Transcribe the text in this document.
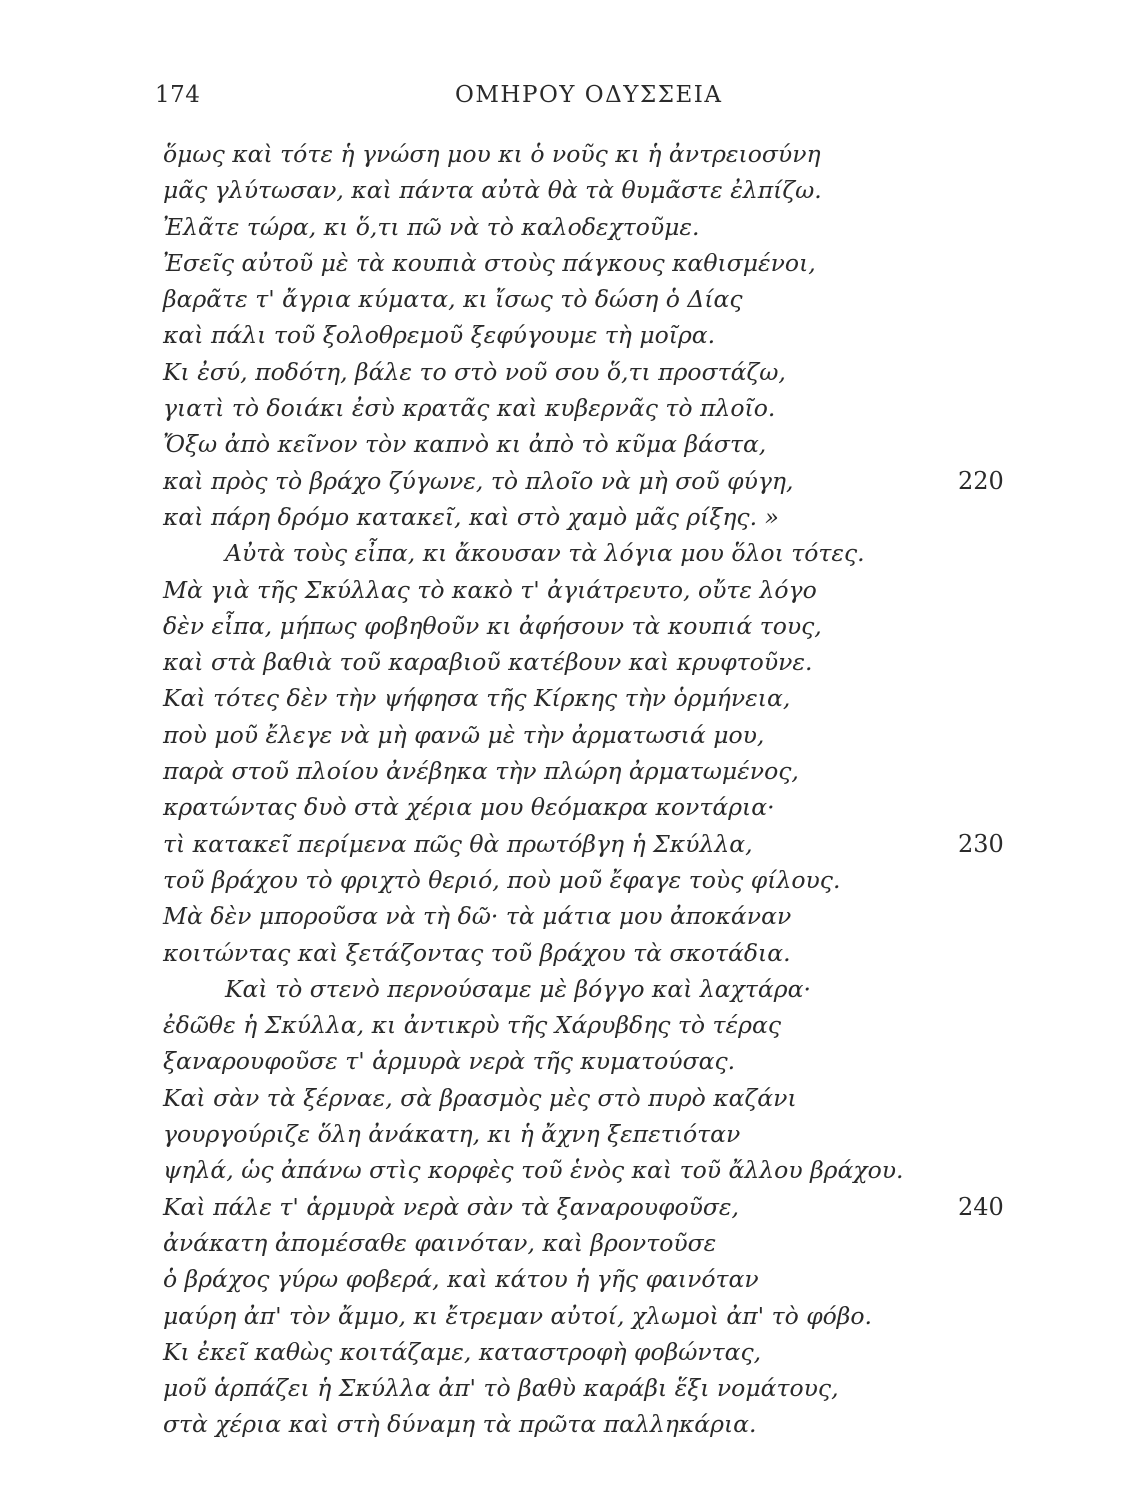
174	ΟΜΗΡΟΥ ΟΔΥΣΣΕΙΑ
ὅμως καὶ τότε ἡ γνώση μου κι ὁ νοῦς κι ἡ ἀντρειοσύνη
μᾶς γλύτωσαν, καὶ πάντα αὐτὰ θὰ τὰ θυμᾶστε ἐλπίζω.
Ἐλᾶτε τώρα, κι ὅ,τι πῶ νὰ τὸ καλοδεχτοῦμε.
Ἐσεῖς αὐτοῦ μὲ τὰ κουπιὰ στοὺς πάγκους καθισμένοι,
βαρᾶτε τ' ἄγρια κύματα, κι ἴσως τὸ δώση ὁ Δίας
καὶ πάλι τοῦ ξολοθρεμοῦ ξεφύγουμε τὴ μοῖρα.
Κι ἐσύ, ποδότη, βάλε το στὸ νοῦ σου ὅ,τι προστάζω,
γιατὶ τὸ δοιάκι ἐσὺ κρατᾶς καὶ κυβερνᾶς τὸ πλοῖο.
Ὄξω ἀπὸ κεῖνον τὸν καπνὸ κι ἀπὸ τὸ κῦμα βάστα,
καὶ πρὸς τὸ βράχο ζύγωνε, τὸ πλοῖο νὰ μὴ σοῦ φύγη,	220
καὶ πάρη δρόμο κατακεῖ, καὶ στὸ χαμὸ μᾶς ρίξης. »
Αὐτὰ τοὺς εἶπα, κι ἄκουσαν τὰ λόγια μου ὅλοι τότες.
Μὰ γιὰ τῆς Σκύλλας τὸ κακὸ τ' ἀγιάτρευτο, οὔτε λόγο
δὲν εἶπα, μήπως φοβηθοῦν κι ἀφήσουν τὰ κουπιά τους,
καὶ στὰ βαθιὰ τοῦ καραβιοῦ κατέβουν καὶ κρυφτοῦνε.
Καὶ τότες δὲν τὴν ψήφησα τῆς Κίρκης τὴν ὁρμήνεια,
ποὺ μοῦ ἔλεγε νὰ μὴ φανῶ μὲ τὴν ἀρματωσιά μου,
παρὰ στοῦ πλοίου ἀνέβηκα τὴν πλώρη ἀρματωμένος,
κρατώντας δυὸ στὰ χέρια μου θεόμακρα κοντάρια·
τὶ κατακεῖ περίμενα πῶς θὰ πρωτόβγη ἡ Σκύλλα,	230
τοῦ βράχου τὸ φριχτὸ θεριό, ποὺ μοῦ ἔφαγε τοὺς φίλους.
Μὰ δὲν μποροῦσα νὰ τὴ δῶ· τὰ μάτια μου ἀποκάναν
κοιτώντας καὶ ξετάζοντας τοῦ βράχου τὰ σκοτάδια.
Καὶ τὸ στενὸ περνούσαμε μὲ βόγγο καὶ λαχτάρα·
ἐδῶθε ἡ Σκύλλα, κι ἀντικρὺ τῆς Χάρυβδης τὸ τέρας
ξαναρουφοῦσε τ' ἁρμυρὰ νερὰ τῆς κυματούσας.
Καὶ σὰν τὰ ξέρναε, σὰ βρασμὸς μὲς στὸ πυρὸ καζάνι
γουργούριζε ὅλη ἀνάκατη, κι ἡ ἄχνη ξεπετιόταν
ψηλά, ὡς ἀπάνω στὶς κορφὲς τοῦ ἑνὸς καὶ τοῦ ἄλλου βράχου.
Καὶ πάλε τ' ἁρμυρὰ νερὰ σὰν τὰ ξαναρουφοῦσε,	240
ἀνάκατη ἀπομέσαθε φαινόταν, καὶ βροντοῦσε
ὁ βράχος γύρω φοβερά, καὶ κάτου ἡ γῆς φαινόταν
μαύρη ἀπ' τὸν ἄμμο, κι ἔτρεμαν αὐτοί, χλωμοὶ ἀπ' τὸ φόβο.
Κι ἐκεῖ καθὼς κοιτάζαμε, καταστροφὴ φοβώντας,
μοῦ ἁρπάζει ἡ Σκύλλα ἀπ' τὸ βαθὺ καράβι ἕξι νομάτους,
στὰ χέρια καὶ στὴ δύναμη τὰ πρῶτα παλληκάρια.
